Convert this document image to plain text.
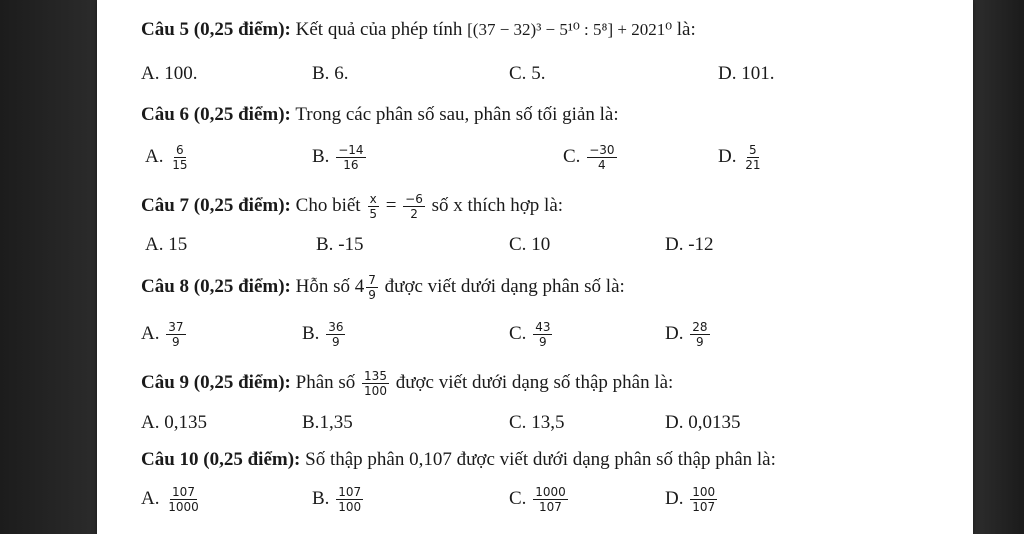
Câu 5 (0,25 điểm): Kết quả của phép tính [(37 − 32)³ − 5¹⁰ : 5⁸] + 2021⁰ là:
A. 100.	B. 6.	C. 5.	D. 101.
Câu 6 (0,25 điểm): Trong các phân số sau, phân số tối giản là:
A. $\frac{6}{15}$	B. $\frac{-14}{16}$	C. $\frac{-30}{4}$	D. $\frac{5}{21}$
Câu 7 (0,25 điểm): Cho biết $\frac{x}{5} = \frac{-6}{2}$ số x thích hợp là:
A. 15	B. -15	C. 10	D. -12
Câu 8 (0,25 điểm): Hỗn số $4 \frac{7}{9}$ được viết dưới dạng phân số là:
A. $\frac{37}{9}$	B. $\frac{36}{9}$	C. $\frac{43}{9}$	D. $\frac{28}{9}$
Câu 9 (0,25 điểm): Phân số $\frac{135}{100}$ được viết dưới dạng số thập phân là:
A. 0,135	B.1,35	C. 13,5	D. 0,0135
Câu 10 (0,25 điểm): Số thập phân 0,107 được viết dưới dạng phân số thập phân là:
A. $\frac{107}{1000}$	B. $\frac{107}{100}$	C. $\frac{1000}{107}$	D. $\frac{100}{107}$
